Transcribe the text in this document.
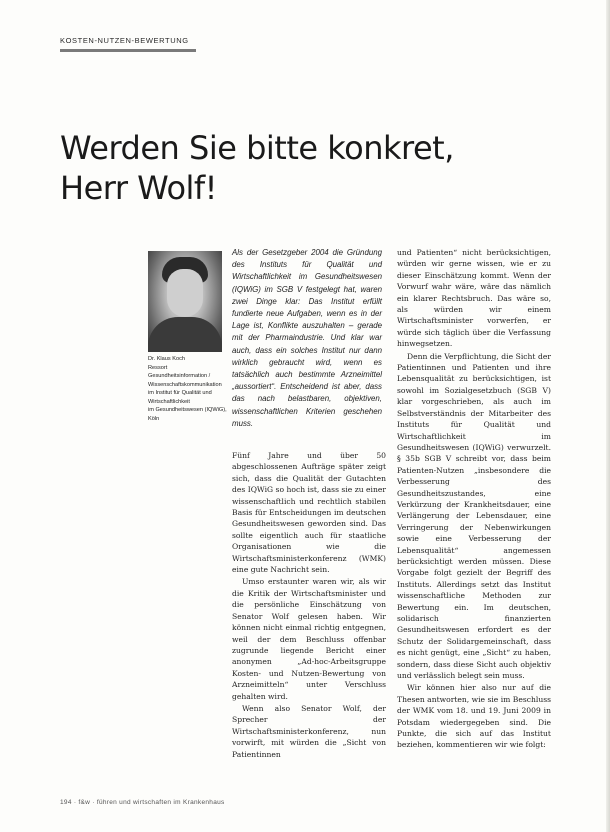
KOSTEN-NUTZEN-BEWERTUNG
Werden Sie bitte konkret,
Herr Wolf!

Dr. Klaus Koch

Ressort

Gesundheitsinformation / Wissenschaftskommunikation

im Institut für Qualität und Wirtschaftlichkeit

im Gesundheitswesen (IQWiG), Köln

Als der Gesetzgeber 2004 die Gründung des Instituts für Qualität und Wirtschaftlichkeit im Gesundheitswesen (IQWiG) im SGB V festgelegt hat, waren zwei Dinge klar: Das Institut erfüllt fundierte neue Aufgaben, wenn es in der Lage ist, Konflikte auszuhalten – gerade mit der Pharmaindustrie. Und klar war auch, dass ein solches Institut nur dann wirklich gebraucht wird, wenn es tatsächlich auch bestimmte Arzneimittel „aussortiert“. Entscheidend ist aber, dass das nach belastbaren, objektiven, wissenschaftlichen Kriterien geschehen muss.

Fünf Jahre und über 50 abgeschlossenen Aufträge später zeigt sich, dass die Qualität der Gutachten des IQWiG so hoch ist, dass sie zu einer wissenschaftlich und rechtlich stabilen Basis für Entscheidungen im deutschen Gesundheitswesen geworden sind. Das sollte eigentlich auch für staatliche Organisationen wie die Wirtschaftsministerkonferenz (WMK) eine gute Nachricht sein.

Umso erstaunter waren wir, als wir die Kritik der Wirtschaftsminister und die persönliche Einschätzung von Senator Wolf gelesen haben. Wir können nicht einmal richtig entgegnen, weil der dem Beschluss offenbar zugrunde liegende Bericht einer anonymen „Ad-hoc-Arbeitsgruppe Kosten- und Nutzen-Bewertung von Arzneimitteln“ unter Verschluss gehalten wird.

Wenn also Senator Wolf, der Sprecher der Wirtschaftsministerkonferenz, nun vorwirft, mit würden die „Sicht von Patientinnen

und Patienten“ nicht berücksichtigen, würden wir gerne wissen, wie er zu dieser Einschätzung kommt. Wenn der Vorwurf wahr wäre, wäre das nämlich ein klarer Rechtsbruch. Das wäre so, als würden wir einem Wirtschaftsminister vorwerfen, er würde sich täglich über die Verfassung hinwegsetzen.

Denn die Verpflichtung, die Sicht der Patientinnen und Patienten und ihre Lebensqualität zu berücksichtigen, ist sowohl im Sozialgesetzbuch (SGB V) klar vorgeschrieben, als auch im Selbstverständnis der Mitarbeiter des Instituts für Qualität und Wirtschaftlichkeit im Gesundheitswesen (IQWiG) verwurzelt. § 35b SGB V schreibt vor, dass beim Patienten-Nutzen „insbesondere die Verbesserung des Gesundheitszustandes, eine Verkürzung der Krankheitsdauer, eine Verlängerung der Lebensdauer, eine Verringerung der Nebenwirkungen sowie eine Verbesserung der Lebensqualität“ angemessen berücksichtigt werden müssen. Diese Vorgabe folgt gezielt der Begriff des Instituts. Allerdings setzt das Institut wissenschaftliche Methoden zur Bewertung ein. Im deutschen, solidarisch finanzierten Gesundheitswesen erfordert es der Schutz der Solidargemeinschaft, dass es nicht genügt, eine „Sicht“ zu haben, sondern, dass diese Sicht auch objektiv und verlässlich belegt sein muss.

Wir können hier also nur auf die Thesen antworten, wie sie im Beschluss der WMK vom 18. und 19. Juni 2009 in Potsdam wiedergegeben sind. Die Punkte, die sich auf das Institut beziehen, kommentieren wir wie folgt:

194 · f&w · führen und wirtschaften im Krankenhaus
